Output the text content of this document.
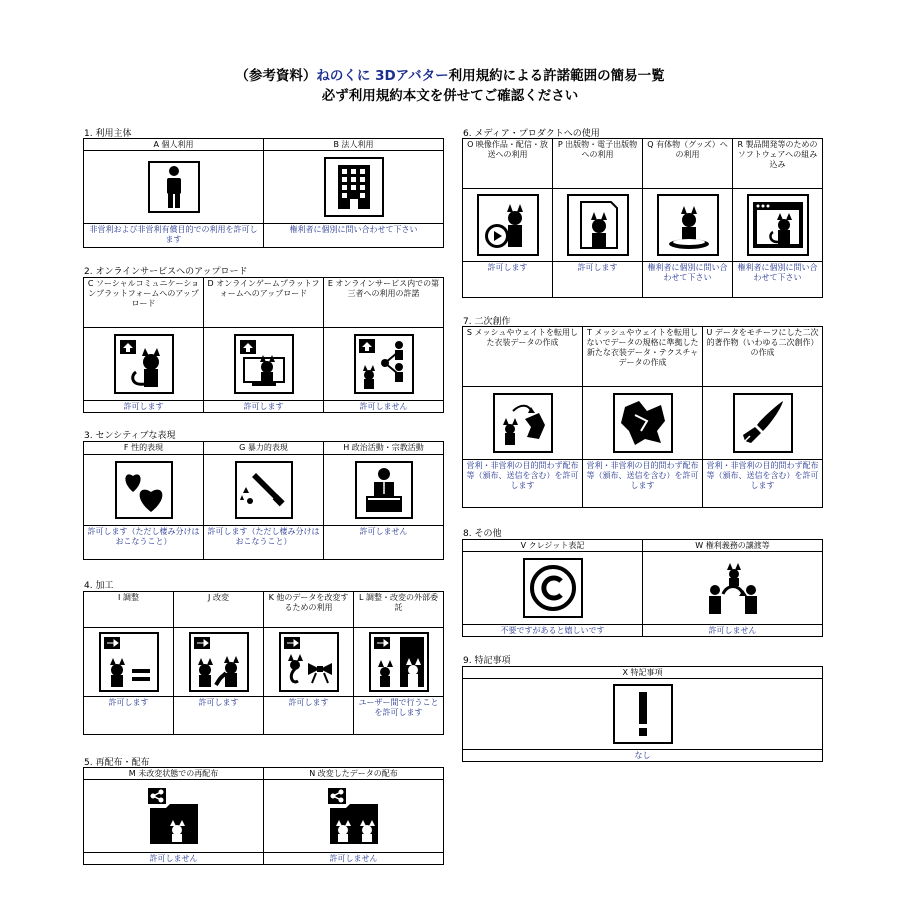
（参考資料）ねのくに 3Dアバター利用規約による許諾範囲の簡易一覧
必ず利用規約本文を併せてご確認ください
1. 利用主体
A 個人利用	B 法人利用

非営利および非営利有償目的での利用を許可します	権利者に個別に問い合わせて下さい
2. オンラインサービスへのアップロード
C ソーシャルコミュニケーションプラットフォームへのアップロード	D オンラインゲームプラットフォームへのアップロード	E オンラインサービス内での第三者への利用の許諾

許可します	許可します	許可しません
3. センシティブな表現
F 性的表現	G 暴力的表現	H 政治活動・宗教活動

許可します（ただし棲み分けはおこなうこと）	許可します（ただし棲み分けはおこなうこと）	許可しません
4. 加工
I 調整	J 改変	K 他のデータを改変するための利用	L 調整・改変の外部委託

許可します	許可します	許可します	ユーザー間で行うことを許可します
5. 再配布・配布
M 未改変状態での再配布	N 改変したデータの配布

許可しません	許可しません
6. メディア・プロダクトへの使用
O 映像作品・配信・放送への利用	P 出版物・電子出版物への利用	Q 有体物（グッズ）への利用	R 製品開発等のためのソフトウェアへの組み込み

許可します	許可します	権利者に個別に問い合わせて下さい	権利者に個別に問い合わせて下さい
7. 二次創作
S メッシュやウェイトを転用した衣装データの作成	T メッシュやウェイトを転用しないでデータの規格に準拠した新たな衣装データ・テクスチャデータの作成	U データをモチーフにした二次的著作物（いわゆる二次創作）の作成

営利・非営利の目的問わず配布等（頒布、送信を含む）を許可します	営利・非営利の目的問わず配布等（頒布、送信を含む）を許可します	営利・非営利の目的問わず配布等（頒布、送信を含む）を許可します
8. その他
V クレジット表記	W 権利義務の譲渡等

不要ですがあると嬉しいです	許可しません
9. 特記事項
X 特記事項

なし
